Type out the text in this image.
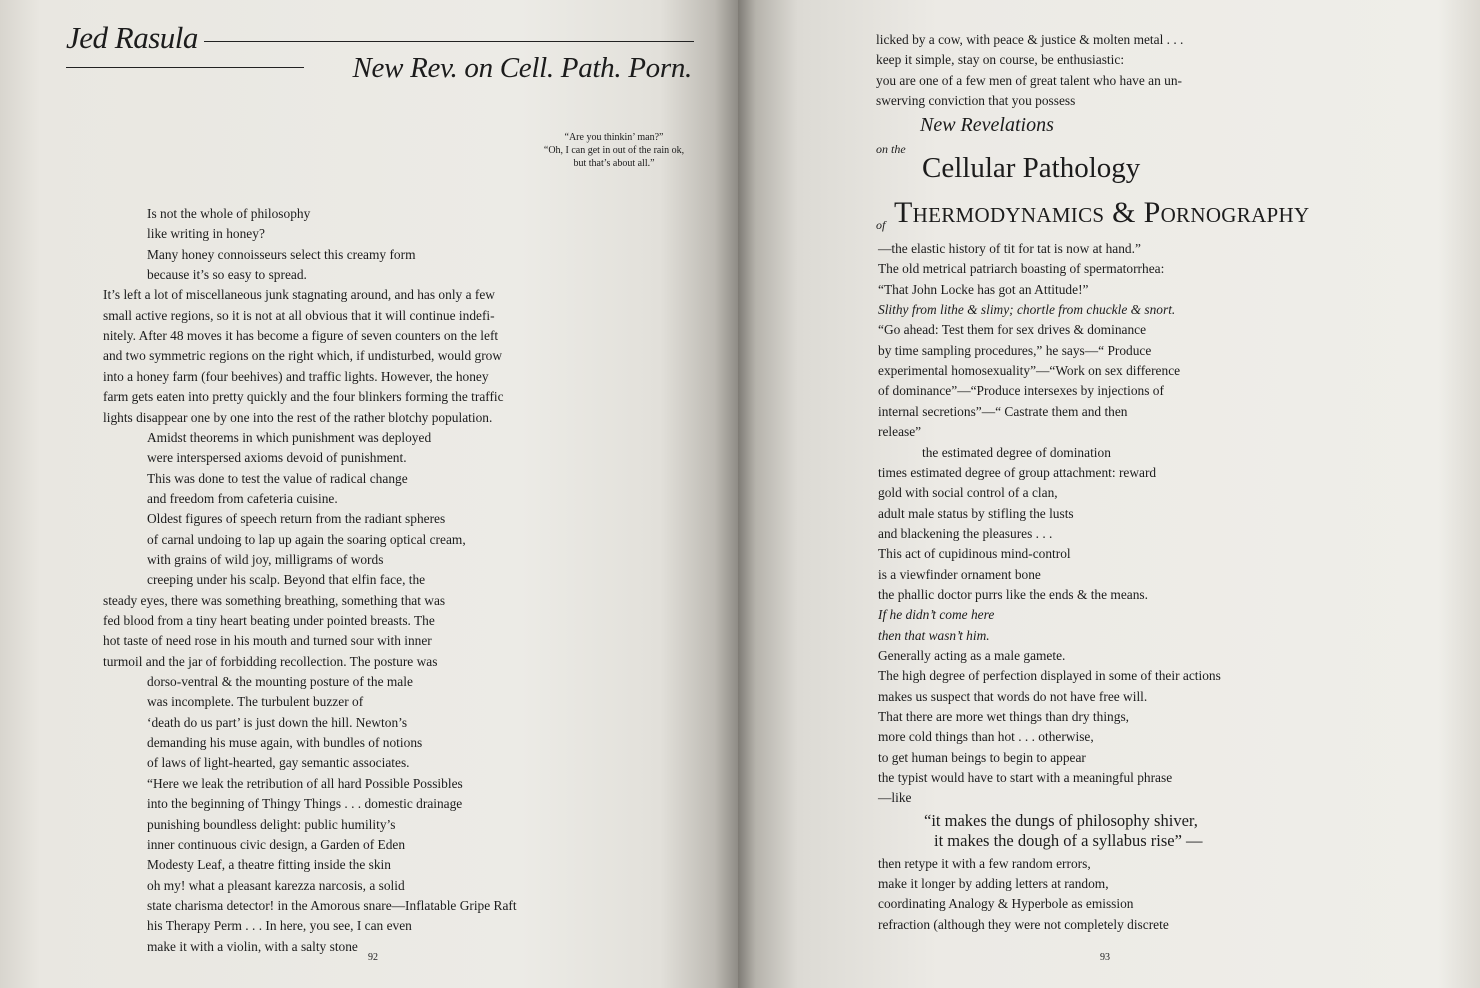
Jed Rasula
New Rev. on Cell. Path. Porn.
“Are you thinkin’ man?”
“Oh, I can get in out of the rain ok,
but that’s about all.”
Is not the whole of philosophy
like writing in honey?
Many honey connoisseurs select this creamy form
because it’s so easy to spread.
It’s left a lot of miscellaneous junk stagnating around, and has only a few
small active regions, so it is not at all obvious that it will continue indefi-
nitely. After 48 moves it has become a figure of seven counters on the left
and two symmetric regions on the right which, if undisturbed, would grow
into a honey farm (four beehives) and traffic lights. However, the honey
farm gets eaten into pretty quickly and the four blinkers forming the traffic
lights disappear one by one into the rest of the rather blotchy population.
Amidst theorems in which punishment was deployed
were interspersed axioms devoid of punishment.
This was done to test the value of radical change
and freedom from cafeteria cuisine.
Oldest figures of speech return from the radiant spheres
of carnal undoing to lap up again the soaring optical cream,
with grains of wild joy, milligrams of words
creeping under his scalp. Beyond that elfin face, the
steady eyes, there was something breathing, something that was
fed blood from a tiny heart beating under pointed breasts. The
hot taste of need rose in his mouth and turned sour with inner
turmoil and the jar of forbidding recollection. The posture was
dorso-ventral & the mounting posture of the male
was incomplete. The turbulent buzzer of
‘death do us part’ is just down the hill. Newton’s
demanding his muse again, with bundles of notions
of laws of light-hearted, gay semantic associates.
“Here we leak the retribution of all hard Possible Possibles
into the beginning of Thingy Things . . . domestic drainage
punishing boundless delight: public humility’s
inner continuous civic design, a Garden of Eden
Modesty Leaf, a theatre fitting inside the skin
oh my! what a pleasant karezza narcosis, a solid
state charisma detector! in the Amorous snare—Inflatable Gripe Raft
his Therapy Perm . . . In here, you see, I can even
make it with a violin, with a salty stone
92
licked by a cow, with peace & justice & molten metal . . .
keep it simple, stay on course, be enthusiastic:
you are one of a few men of great talent who have an un-
swerving conviction that you possess
New Revelations
on the
Cellular Pathology
of Thermodynamics & Pornography
—the elastic history of tit for tat is now at hand.”
The old metrical patriarch boasting of spermatorrhea:
“That John Locke has got an Attitude!”
Slithy from lithe & slimy; chortle from chuckle & snort.
“Go ahead: Test them for sex drives & dominance
by time sampling procedures,” he says—“ Produce
experimental homosexuality”—“Work on sex difference
of dominance”—“Produce intersexes by injections of
internal secretions”—“ Castrate them and then
release”
the estimated degree of domination
times estimated degree of group attachment: reward
gold with social control of a clan,
adult male status by stifling the lusts
and blackening the pleasures . . .
This act of cupidinous mind-control
is a viewfinder ornament bone
the phallic doctor purrs like the ends & the means.
If he didn’t come here
then that wasn’t him.
Generally acting as a male gamete.
The high degree of perfection displayed in some of their actions
makes us suspect that words do not have free will.
That there are more wet things than dry things,
more cold things than hot . . . otherwise,
to get human beings to begin to appear
the typist would have to start with a meaningful phrase
—like
“it makes the dungs of philosophy shiver,
it makes the dough of a syllabus rise” —
then retype it with a few random errors,
make it longer by adding letters at random,
coordinating Analogy & Hyperbole as emission
refraction (although they were not completely discrete
93
